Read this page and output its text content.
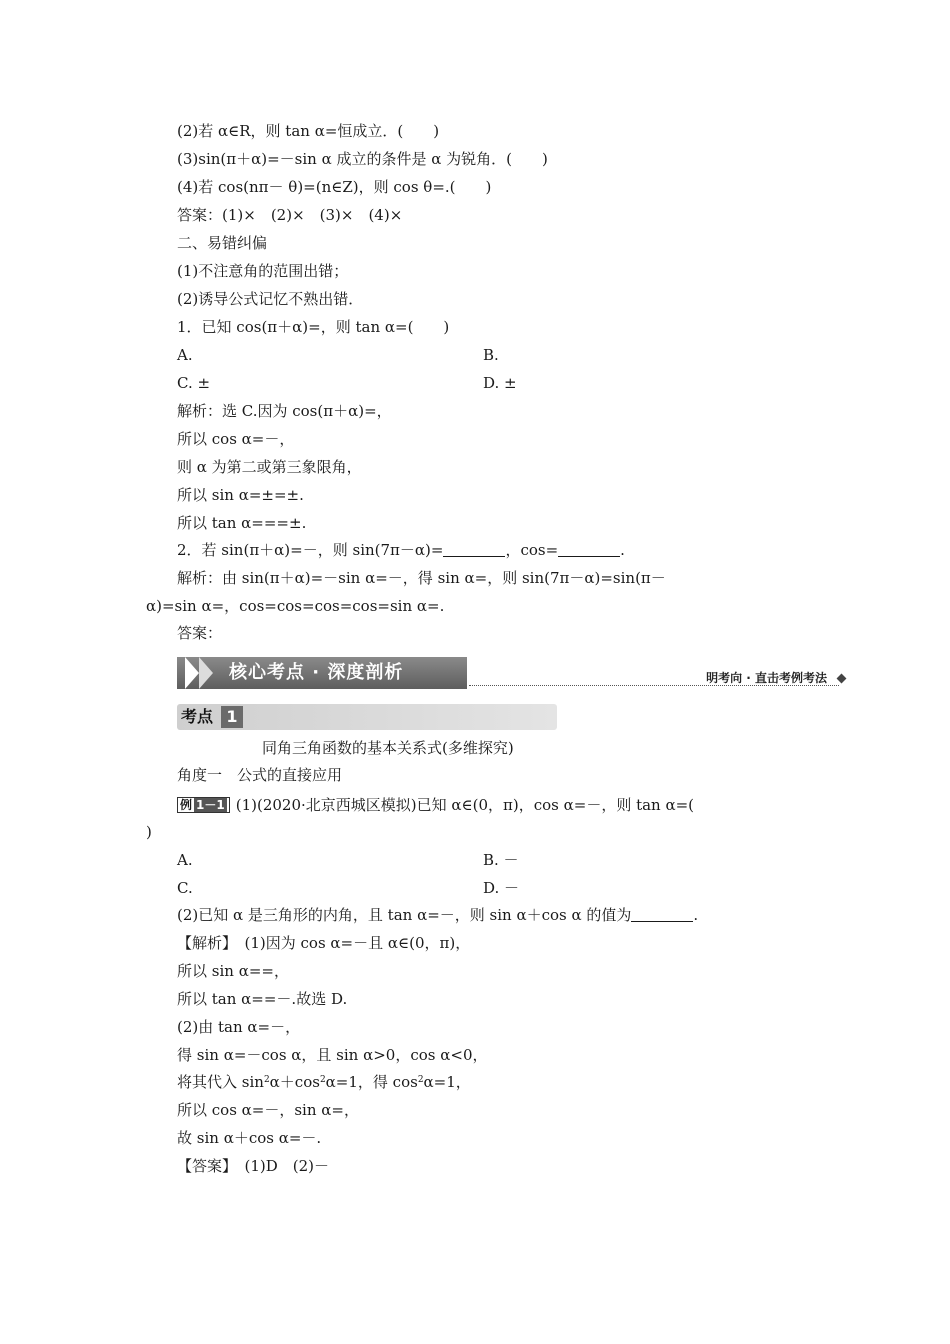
(2)若 α∈R，则 tan α=恒成立．(　　)
(3)sin(π＋α)=－sin α 成立的条件是 α 为锐角．(　　)
(4)若 cos(nπ－ θ)=(n∈Z)，则 cos θ=.(　　)
答案：(1)×　(2)×　(3)×　(4)×
二、易错纠偏
(1)不注意角的范围出错；
(2)诱导公式记忆不熟出错．
1．已知 cos(π＋α)=，则 tan α=(　　)
A.	B.
C. ±	D. ±
解析：选 C.因为 cos(π＋α)=，
所以 cos α=－，
则 α 为第二或第三象限角，
所以 sin α=±=±.
所以 tan α===±.
2．若 sin(π＋α)=－，则 sin(7π－α)=	，cos=	.
解析：由 sin(π＋α)=－sin α=－，得 sin α=，则 sin(7π－α)=sin(π－
α)=sin α=，cos=cos=cos=cos=sin α=.
答案：
核心考点 · 深度剖析	明考向 · 直击考例考法
考点 1
同角三角函数的基本关系式(多维探究)
角度一　公式的直接应用
例 1－1 (1)(2020·北京西城区模拟)已知 α∈(0，π)，cos α=－，则 tan α=(
)
A.	B. －
C.	D. －
(2)已知 α 是三角形的内角，且 tan α=－，则 sin α＋cos α 的值为	.
【解析】　(1)因为 cos α=－且 α∈(0，π)，
所以 sin α==，
所以 tan α==－.故选 D.
(2)由 tan α=－，
得 sin α=－cos α，且 sin α>0，cos α<0，
将其代入 $\sin^2\alpha+\cos^2\alpha=1$，得 $\cos^2\alpha=1$，
所以 cos α=－，sin α=，
故 sin α＋cos α=－.
【答案】　(1)D　(2)－
